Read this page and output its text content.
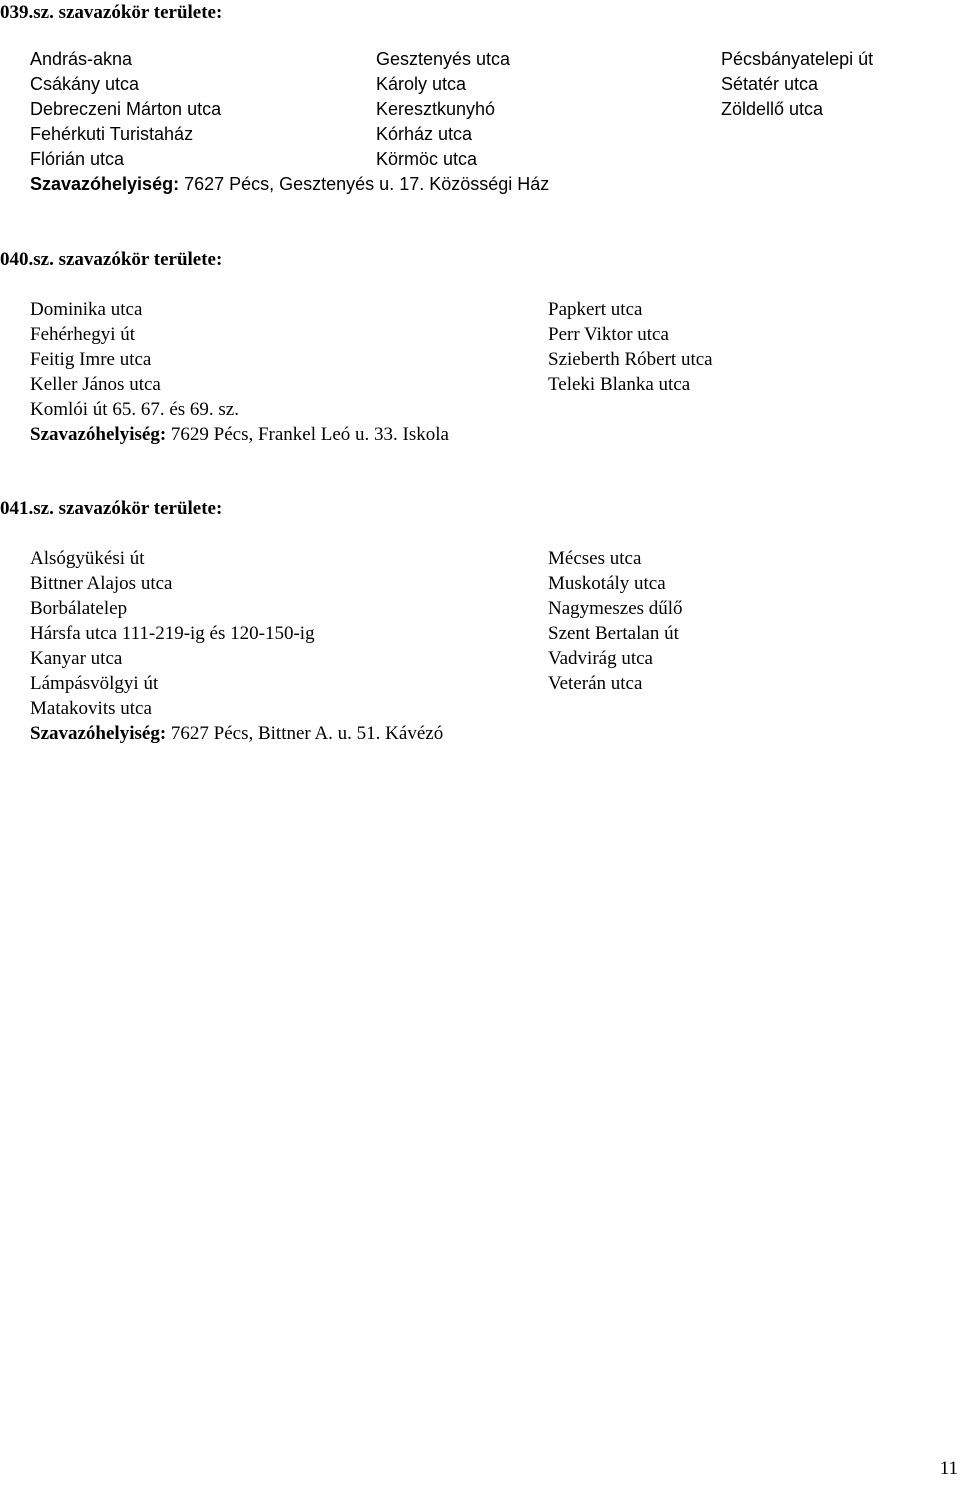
039.sz. szavazókör területe:
András-akna
Csákány utca
Debreczeni Márton utca
Fehérkuti Turistaház
Flórián utca
Gesztenyés utca
Károly utca
Keresztkunyhó
Kórház utca
Körmöc utca
Pécsbányatelepi út
Sétatér utca
Zöldellő utca
Szavazóhelyiség: 7627 Pécs, Gesztenyés u. 17. Közösségi Ház
040.sz. szavazókör területe:
Dominika utca
Fehérhegyi út
Feitig Imre utca
Keller János utca
Komlói út 65. 67. és 69. sz.
Papkert utca
Perr Viktor utca
Szieberth Róbert utca
Teleki Blanka utca
Szavazóhelyiség: 7629 Pécs, Frankel Leó u. 33. Iskola
041.sz. szavazókör területe:
Alsógyükési út
Bittner Alajos utca
Borbálatelep
Hársfa utca 111-219-ig és 120-150-ig
Kanyar utca
Lámpásvölgyi út
Matakovits utca
Mécses utca
Muskotály utca
Nagymeszes dűlő
Szent Bertalan út
Vadvirág utca
Veterán utca
Szavazóhelyiség: 7627 Pécs, Bittner A. u. 51. Kávézó
11
